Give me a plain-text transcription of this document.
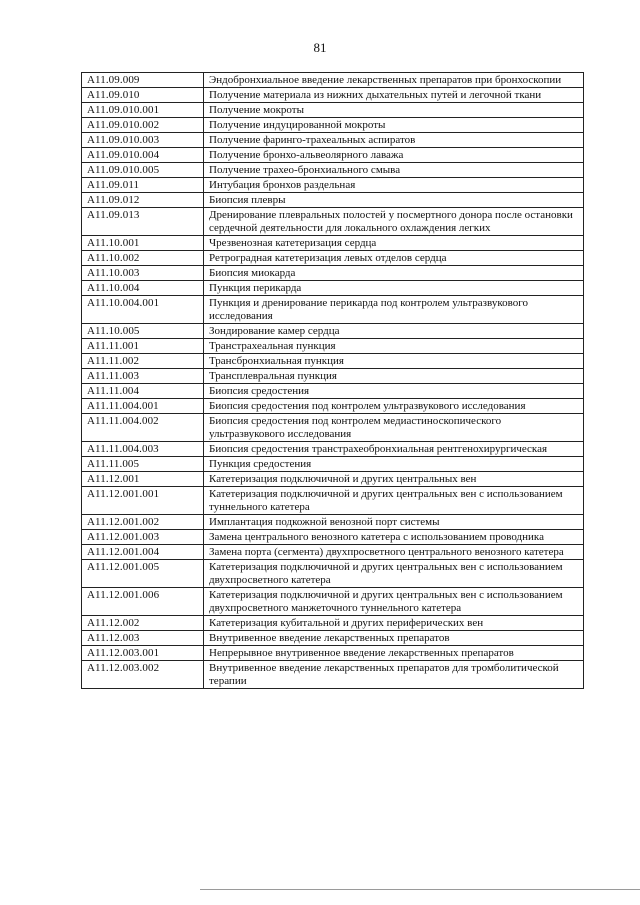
81
A11.09.009	Эндобронхиальное введение лекарственных препаратов при бронхоскопии
A11.09.010	Получение материала из нижних дыхательных путей и легочной ткани
A11.09.010.001	Получение мокроты
A11.09.010.002	Получение индуцированной мокроты
A11.09.010.003	Получение фаринго-трахеальных аспиратов
A11.09.010.004	Получение бронхо-альвеолярного лаважа
A11.09.010.005	Получение трахео-бронхиального смыва
A11.09.011	Интубация бронхов раздельная
A11.09.012	Биопсия плевры
A11.09.013	Дренирование плевральных полостей у посмертного донора после остановки сердечной деятельности для локального охлаждения легких
A11.10.001	Чрезвенозная катетеризация сердца
A11.10.002	Ретроградная катетеризация левых отделов сердца
A11.10.003	Биопсия миокарда
A11.10.004	Пункция перикарда
A11.10.004.001	Пункция и дренирование перикарда под контролем ультразвукового исследования
A11.10.005	Зондирование камер сердца
A11.11.001	Транстрахеальная пункция
A11.11.002	Трансбронхиальная пункция
A11.11.003	Трансплевральная пункция
A11.11.004	Биопсия средостения
A11.11.004.001	Биопсия средостения под контролем ультразвукового исследования
A11.11.004.002	Биопсия средостения под контролем медиастиноскопического ультразвукового исследования
A11.11.004.003	Биопсия средостения транстрахеобронхиальная рентгенохирургическая
A11.11.005	Пункция средостения
A11.12.001	Катетеризация подключичной и других центральных вен
A11.12.001.001	Катетеризация подключичной и других центральных вен с использованием туннельного катетера
A11.12.001.002	Имплантация подкожной венозной порт системы
A11.12.001.003	Замена центрального венозного катетера с использованием проводника
A11.12.001.004	Замена порта (сегмента) двухпросветного центрального венозного катетера
A11.12.001.005	Катетеризация подключичной и других центральных вен с использованием двухпросветного катетера
A11.12.001.006	Катетеризация подключичной и других центральных вен с использованием двухпросветного манжеточного туннельного катетера
A11.12.002	Катетеризация кубитальной и других периферических вен
A11.12.003	Внутривенное введение лекарственных препаратов
A11.12.003.001	Непрерывное внутривенное введение лекарственных препаратов
A11.12.003.002	Внутривенное введение лекарственных препаратов для тромболитической терапии
